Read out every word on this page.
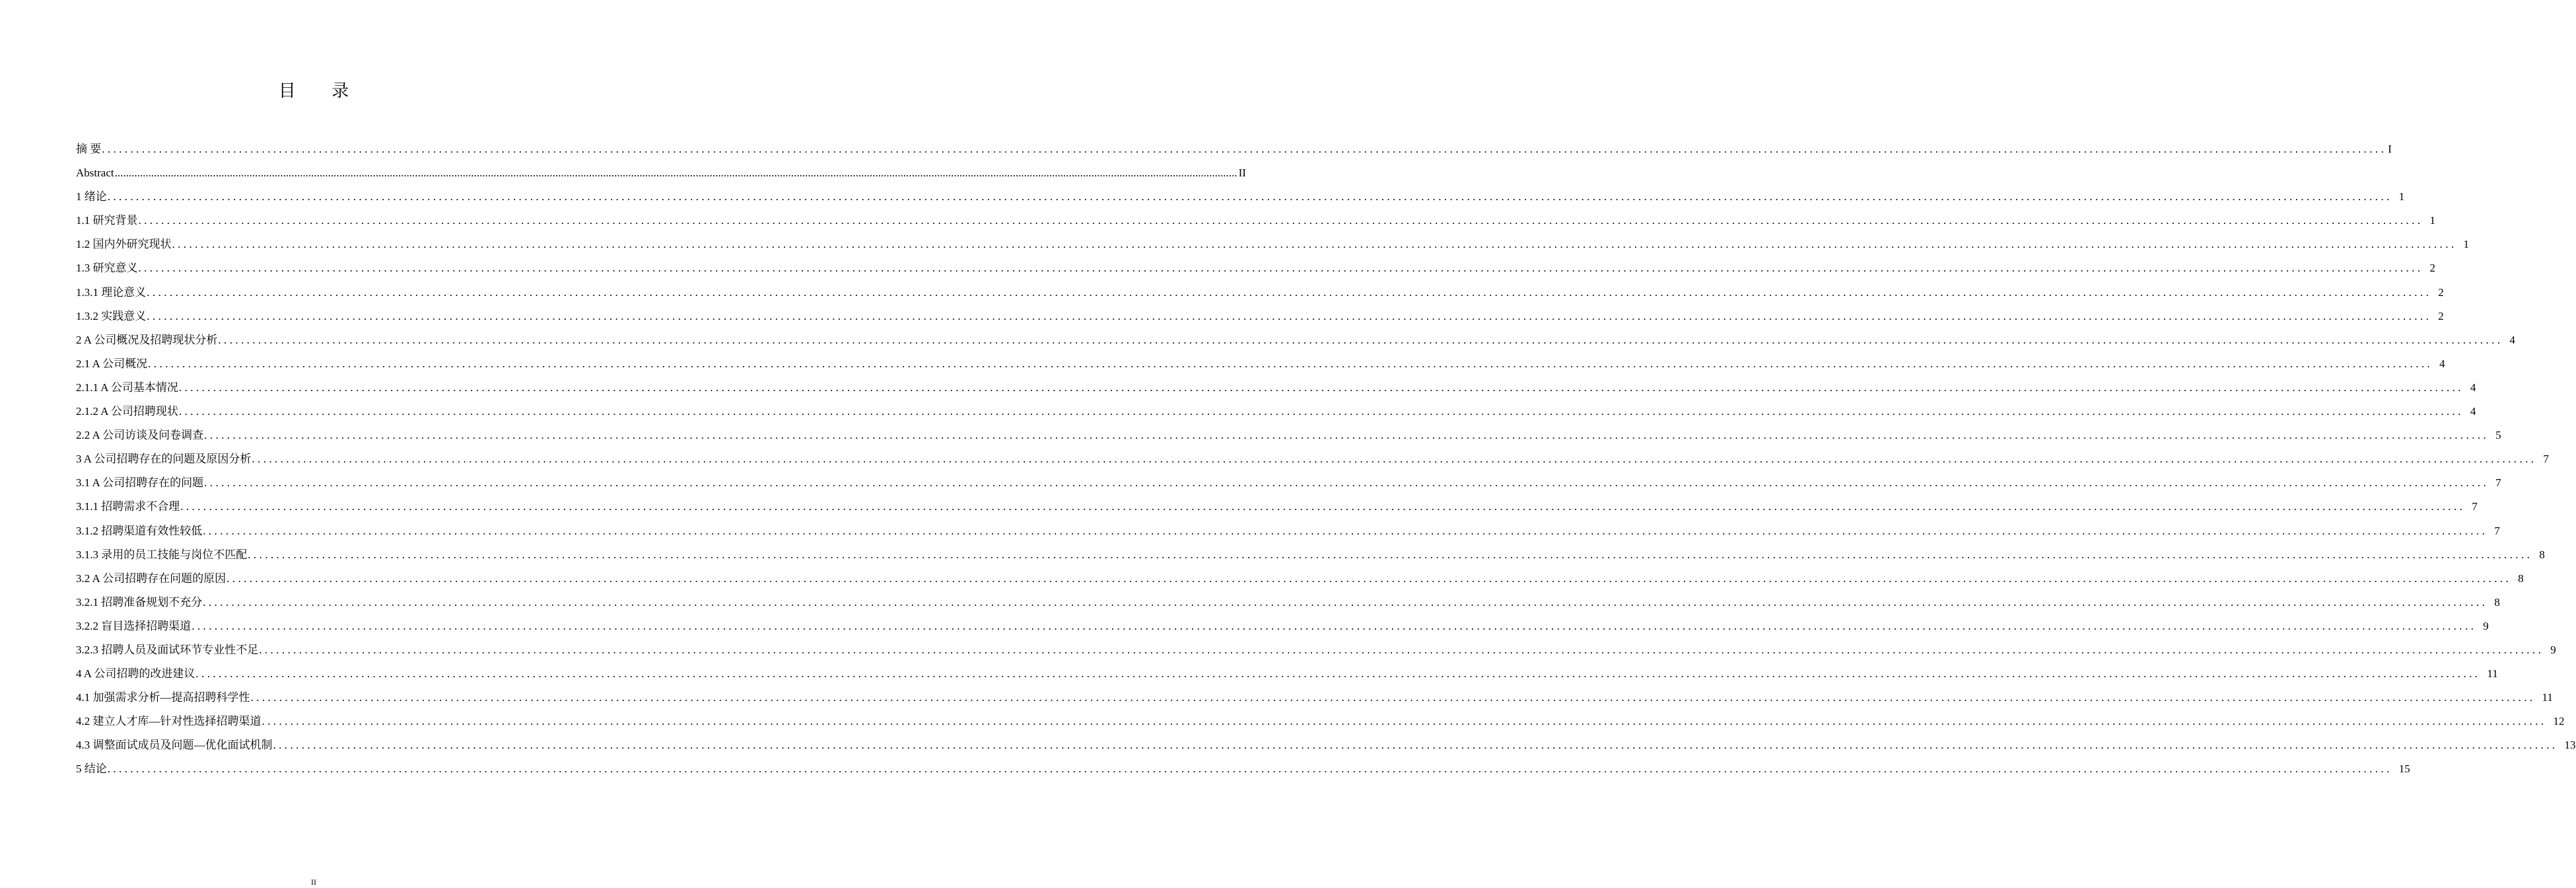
目 录
摘 要 ................................................................................................................................................................................................................................................................................................................................................................................................................ I
Abstract ................................................................................................................................................................................................................................................................................................................................................................................................................ II
1 绪论 ................................................................................................................................................................................................................................................................................................................................................................................................................ 1
1.1 研究背景 ................................................................................................................................................................................................................................................................................................................................................................................................................ 1
1.2 国内外研究现状 ................................................................................................................................................................................................................................................................................................................................................................................................................ 1
1.3 研究意义 ................................................................................................................................................................................................................................................................................................................................................................................................................ 2
1.3.1 理论意义 ................................................................................................................................................................................................................................................................................................................................................................................................................ 2
1.3.2 实践意义 ................................................................................................................................................................................................................................................................................................................................................................................................................ 2
2 A 公司概况及招聘现状分析 ................................................................................................................................................................................................................................................................................................................................................................................................................ 4
2.1 A 公司概况 ................................................................................................................................................................................................................................................................................................................................................................................................................ 4
2.1.1 A 公司基本情况 ................................................................................................................................................................................................................................................................................................................................................................................................................ 4
2.1.2 A 公司招聘现状 ................................................................................................................................................................................................................................................................................................................................................................................................................ 4
2.2 A 公司访谈及问卷调查 ................................................................................................................................................................................................................................................................................................................................................................................................................ 5
3 A 公司招聘存在的问题及原因分析 ................................................................................................................................................................................................................................................................................................................................................................................................................ 7
3.1 A 公司招聘存在的问题 ................................................................................................................................................................................................................................................................................................................................................................................................................ 7
3.1.1 招聘需求不合理 ................................................................................................................................................................................................................................................................................................................................................................................................................ 7
3.1.2 招聘渠道有效性较低 ................................................................................................................................................................................................................................................................................................................................................................................................................ 7
3.1.3 录用的员工技能与岗位不匹配 ................................................................................................................................................................................................................................................................................................................................................................................................................ 8
3.2 A 公司招聘存在问题的原因 ................................................................................................................................................................................................................................................................................................................................................................................................................ 8
3.2.1 招聘准备规划不充分 ................................................................................................................................................................................................................................................................................................................................................................................................................ 8
3.2.2 盲目选择招聘渠道 ................................................................................................................................................................................................................................................................................................................................................................................................................ 9
3.2.3 招聘人员及面试环节专业性不足 ................................................................................................................................................................................................................................................................................................................................................................................................................ 9
4 A 公司招聘的改进建议 ................................................................................................................................................................................................................................................................................................................................................................................................................ 11
4.1 加强需求分析—提高招聘科学性 ................................................................................................................................................................................................................................................................................................................................................................................................................ 11
4.2 建立人才库—针对性选择招聘渠道 ................................................................................................................................................................................................................................................................................................................................................................................................................ 12
4.3 调整面试成员及问题—优化面试机制 ................................................................................................................................................................................................................................................................................................................................................................................................................ 13
5 结论 ................................................................................................................................................................................................................................................................................................................................................................................................................ 15
II
